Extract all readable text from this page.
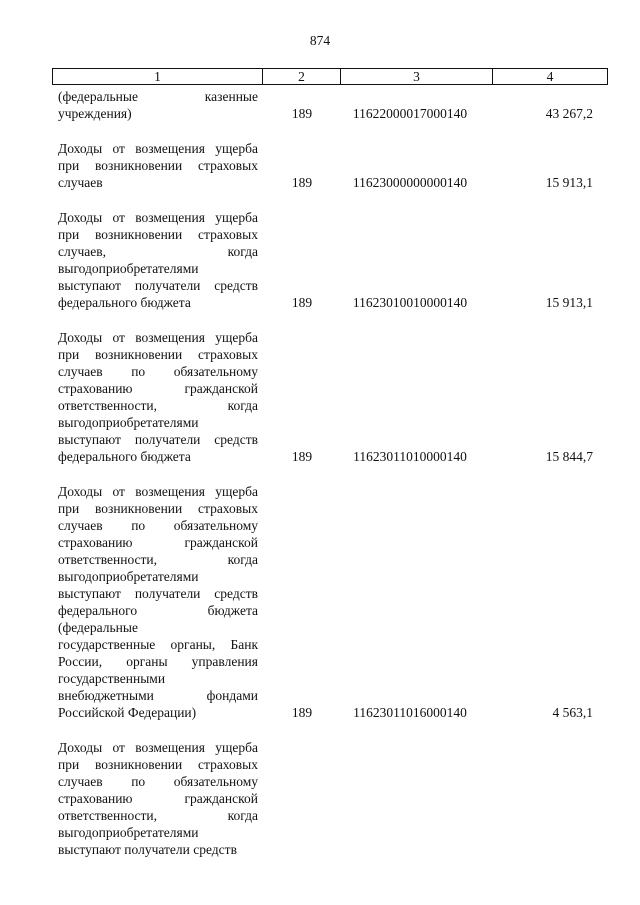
874
1	2	3	4
(федеральные казенные
учреждения)	189	11622000017000140	43 267,2
Доходы от возмещения ущерба
при возникновении страховых
случаев	189	11623000000000140	15 913,1
Доходы от возмещения ущерба
при возникновении страховых
случаев, когда
выгодоприобретателями
выступают получатели средств
федерального бюджета	189	11623010010000140	15 913,1
Доходы от возмещения ущерба
при возникновении страховых
случаев по обязательному
страхованию гражданской
ответственности, когда
выгодоприобретателями
выступают получатели средств
федерального бюджета	189	11623011010000140	15 844,7
Доходы от возмещения ущерба
при возникновении страховых
случаев по обязательному
страхованию гражданской
ответственности, когда
выгодоприобретателями
выступают получатели средств
федерального бюджета
(федеральные
государственные органы, Банк
России, органы управления
государственными
внебюджетными фондами
Российской Федерации)	189	11623011016000140	4 563,1
Доходы от возмещения ущерба
при возникновении страховых
случаев по обязательному
страхованию гражданской
ответственности, когда
выгодоприобретателями
выступают получатели средств
